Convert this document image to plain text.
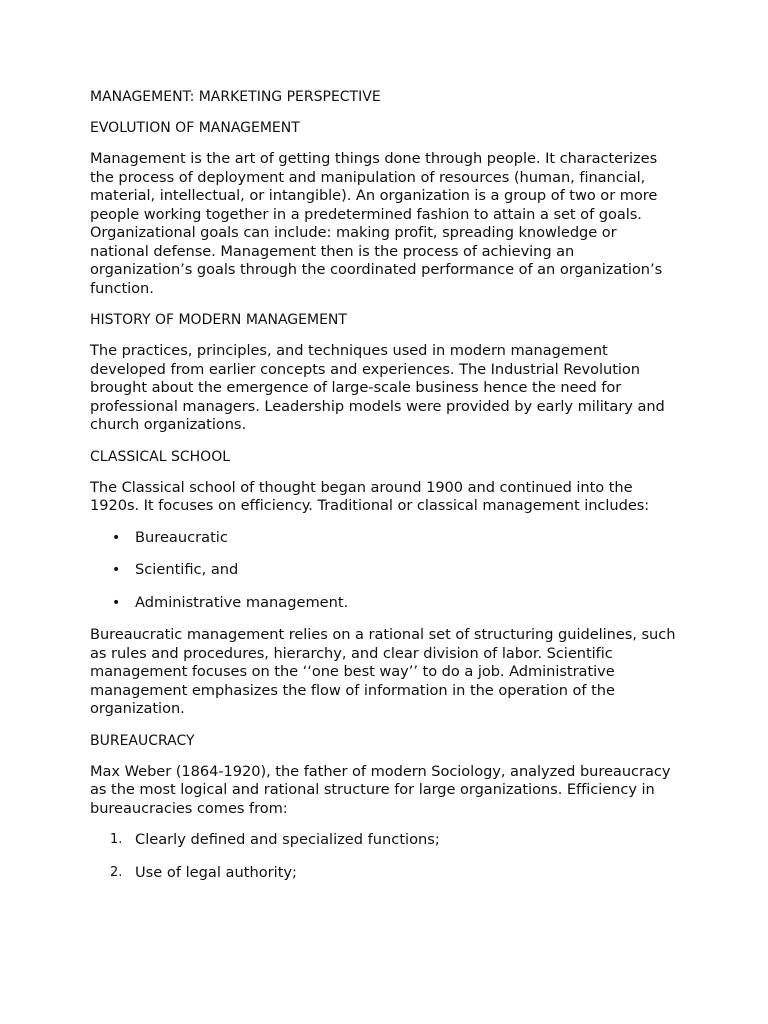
MANAGEMENT: MARKETING PERSPECTIVE

EVOLUTION OF MANAGEMENT

Management is the art of getting things done through people. It characterizes the process of deployment and manipulation of resources (human, financial, material, intellectual, or intangible). An organization is a group of two or more people working together in a predetermined fashion to attain a set of goals. Organizational goals can include: making profit, spreading knowledge or national defense. Management then is the process of achieving an organization’s goals through the coordinated performance of an organization’s function.

HISTORY OF MODERN MANAGEMENT

The practices, principles, and techniques used in modern management developed from earlier concepts and experiences. The Industrial Revolution brought about the emergence of large-scale business hence the need for professional managers. Leadership models were provided by early military and church organizations.

CLASSICAL SCHOOL

The Classical school of thought began around 1900 and continued into the 1920s. It focuses on efficiency. Traditional or classical management includes:

• Bureaucratic
• Scientific, and
• Administrative management.

Bureaucratic management relies on a rational set of structuring guidelines, such as rules and procedures, hierarchy, and clear division of labor. Scientific management focuses on the ‘‘one best way’’ to do a job. Administrative management emphasizes the flow of information in the operation of the organization.

BUREAUCRACY

Max Weber (1864-1920), the father of modern Sociology, analyzed bureaucracy as the most logical and rational structure for large organizations. Efficiency in bureaucracies comes from:

1. Clearly defined and specialized functions;
2. Use of legal authority;
